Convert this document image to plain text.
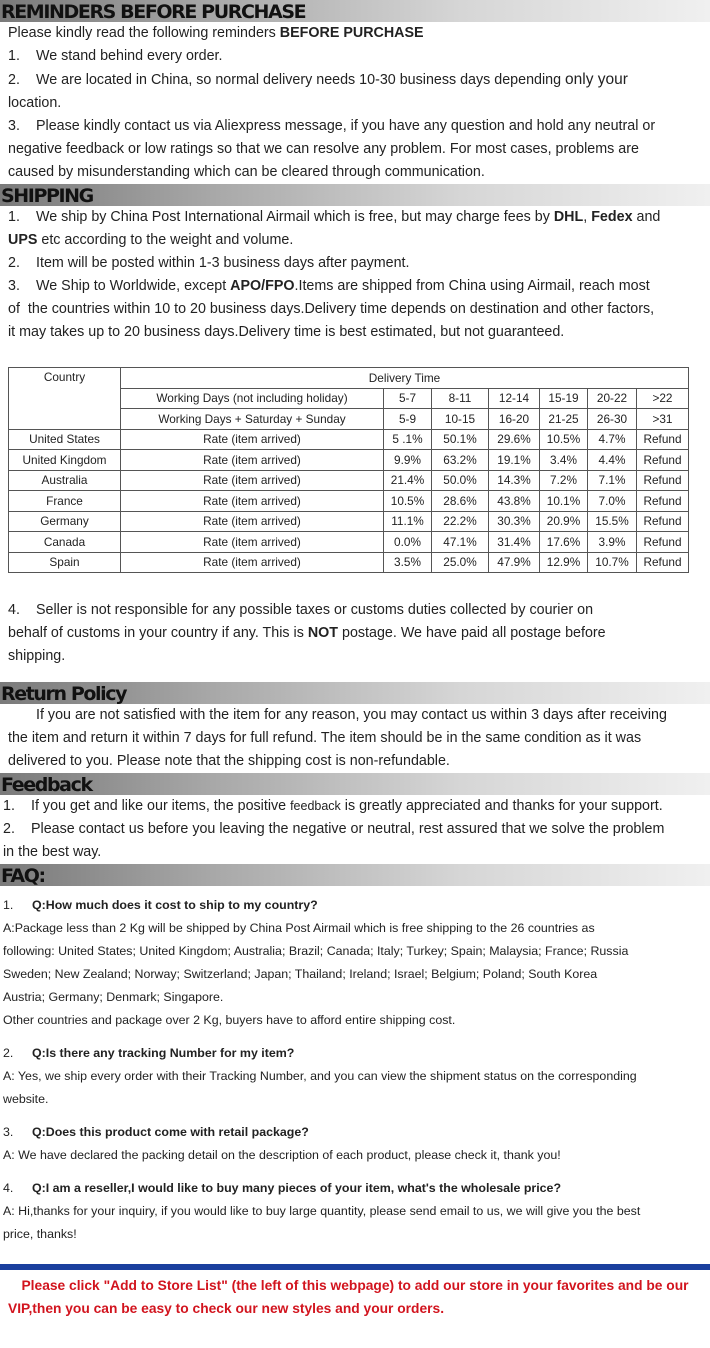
REMINDERS BEFORE PURCHASE

Please kindly read the following reminders BEFORE PURCHASE

1. We stand behind every order.

2. We are located in China, so normal delivery needs 10-30 business days depending only your

location.

3. Please kindly contact us via Aliexpress message, if you have any question and hold any neutral or

negative feedback or low ratings so that we can resolve any problem. For most cases, problems are

caused by misunderstanding which can be cleared through communication.

SHIPPING

1. We ship by China Post International Airmail which is free, but may charge fees by DHL, Fedex and

UPS etc according to the weight and volume.

2. Item will be posted within 1-3 business days after payment.

3. We Ship to Worldwide, except APO/FPO.Items are shipped from China using Airmail, reach most

of the countries within 10 to 20 business days.Delivery time depends on destination and other factors,

it may takes up to 20 business days.Delivery time is best estimated, but not guaranteed.

Country	Delivery Time						
	Working Days (not including holiday)	5-7	8-11	12-14	15-19	20-22	>22
	Working Days + Saturday + Sunday	5-9	10-15	16-20	21-25	26-30	>31
United States	Rate (item arrived)	5 .1%	50.1%	29.6%	10.5%	4.7%	Refund
United Kingdom	Rate (item arrived)	9.9%	63.2%	19.1%	3.4%	4.4%	Refund
Australia	Rate (item arrived)	21.4%	50.0%	14.3%	7.2%	7.1%	Refund
France	Rate (item arrived)	10.5%	28.6%	43.8%	10.1%	7.0%	Refund
Germany	Rate (item arrived)	11.1%	22.2%	30.3%	20.9%	15.5%	Refund
Canada	Rate (item arrived)	0.0%	47.1%	31.4%	17.6%	3.9%	Refund
Spain	Rate (item arrived)	3.5%	25.0%	47.9%	12.9%	10.7%	Refund

4. Seller is not responsible for any possible taxes or customs duties collected by courier on

behalf of customs in your country if any. This is NOT postage. We have paid all postage before

shipping.

Return Policy

If you are not satisfied with the item for any reason, you may contact us within 3 days after receiving

the item and return it within 7 days for full refund. The item should be in the same condition as it was

delivered to you. Please note that the shipping cost is non-refundable.

Feedback

1. If you get and like our items, the positive feedback is greatly appreciated and thanks for your support.

2. Please contact us before you leaving the negative or neutral, rest assured that we solve the problem

in the best way.

FAQ:

1. Q:How much does it cost to ship to my country?

A:Package less than 2 Kg will be shipped by China Post Airmail which is free shipping to the 26 countries as

following: United States; United Kingdom; Australia; Brazil; Canada; Italy; Turkey; Spain; Malaysia; France; Russia

Sweden; New Zealand; Norway; Switzerland; Japan; Thailand; Ireland; Israel; Belgium; Poland; South Korea

Austria; Germany; Denmark; Singapore.

Other countries and package over 2 Kg, buyers have to afford entire shipping cost.

2. Q:Is there any tracking Number for my item?

A: Yes, we ship every order with their Tracking Number, and you can view the shipment status on the corresponding

website.

3. Q:Does this product come with retail package?

A: We have declared the packing detail on the description of each product, please check it, thank you!

4. Q:I am a reseller,I would like to buy many pieces of your item, what's the wholesale price?

A: Hi,thanks for your inquiry, if you would like to buy large quantity, please send email to us, we will give you the best

price, thanks!

Please click "Add to Store List" (the left of this webpage) to add our store in your favorites and be our

VIP,then you can be easy to check our new styles and your orders.
